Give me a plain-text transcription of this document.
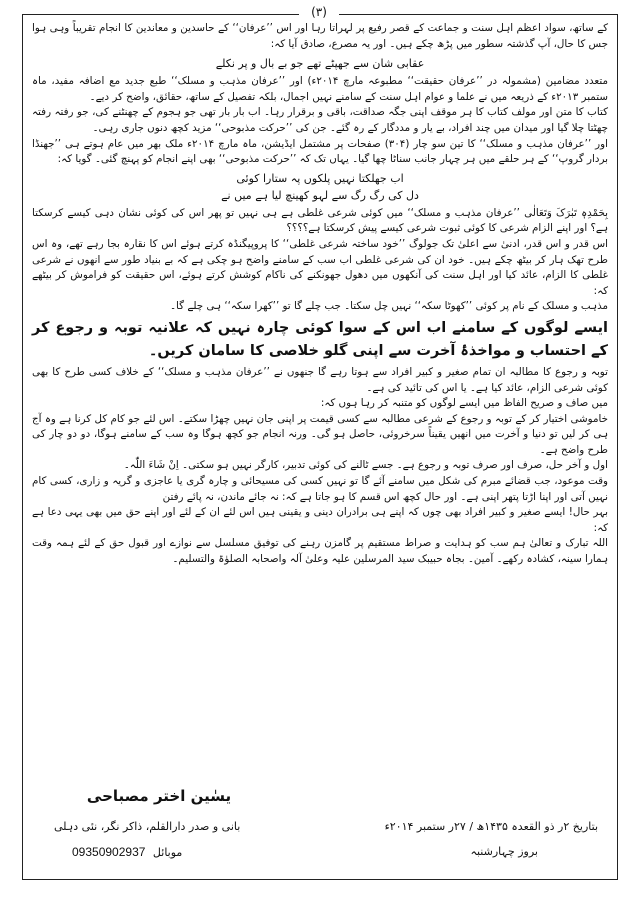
(۳)

کے ساتھ، سواد اعظم اہل سنت و جماعت کے قصر رفیع پر لہراتا رہا اور اس ’’عرفان‘‘ کے حاسدین و معاندین کا انجام تقریباً وہی ہوا جس کا حال، آپ گذشتہ سطور میں پڑھ چکے ہیں۔ اور یہ مصرع، صادق آیا کہ:

عقابی شان سے جھپٹے تھے جو بے بال و پر نکلے

متعدد مضامین (مشمولہ در ’’عرفان حقیقت‘‘ مطبوعہ مارچ ۲۰۱۴ء) اور ’’عرفان مذہب و مسلک‘‘ طبع جدید مع اضافہ مفید، ماہ ستمبر ۲۰۱۳ء کے ذریعہ میں نے علما و عوام اہل سنت کے سامنے نہیں اجمال، بلکہ تفصیل کے ساتھ، حقائق، واضح کر دیے۔

کتاب کا متن اور مولف کتاب کا ہر موقف اپنی جگہ صداقت، باقی و برقرار رہا۔ اب بار بار تھی جو ہجوم کے چھنٹنے کی، جو رفتہ رفتہ چھٹتا چلا گیا اور میدان میں چند افراد، بے یار و مددگار کے رہ گئے۔ جن کی ’’حرکت مذبوحی‘‘ مزید کچھ دنوں جاری رہی۔

اور ’’عرفان مذہب و مسلک‘‘ کا تین سو چار (۳۰۴) صفحات پر مشتمل ایڈیشن، ماہ مارچ ۲۰۱۴ء ملک بھر میں عام ہوتے ہی ’’جھنڈا بردار گروپ‘‘ کے ہر حلقے میں ہر چہار جانب سناٹا چھا گیا۔ یہاں تک کہ ’’حرکت مذبوحی‘‘ بھی اپنے انجام کو پہنچ گئی۔ گویا کہ:

اب جھلکتا نہیں پلکوں پہ ستارا کوئی

دل کی رگ رگ سے لہو کھینچ لیا ہے میں نے

بِحَمْدِہٖ تَبٰرَکَ وَتَعَالٰی ’’عرفان مذہب و مسلک‘‘ میں کوئی شرعی غلطی ہے ہی نہیں تو پھر اس کی کوئی نشان دہی کیسے کرسکتا ہے؟ اور اپنے الزام شرعی کا کوئی ثبوت شرعی کیسے پیش کرسکتا ہے؟؟؟؟

اس قدر و اس قدر، ادنیٰ سے اعلیٰ تک جولوگ ’’خود ساختہ شرعی غلطی‘‘ کا پروپیگنڈہ کرتے ہوئے اس کا نقارہ بجا رہے تھے، وہ اس طرح تھک ہار کر بیٹھ چکے ہیں۔ خود ان کی شرعی غلطی اب سب کے سامنے واضح ہو چکی ہے کہ بے بنیاد طور سے انھوں نے شرعی غلطی کا الزام، عائد کیا اور اہل سنت کی آنکھوں میں دھول جھونکنے کی ناکام کوشش کرتے ہوئے، اس حقیقت کو فراموش کر بیٹھے کہ:

مذہب و مسلک کے نام پر کوئی ’’کھوٹا سکہ‘‘ نہیں چل سکتا۔ جب چلے گا تو ’’کھرا سکہ‘‘ ہی چلے گا۔

ایسے لوگوں کے سامنے اب اس کے سوا کوئی چارہ نہیں کہ علانیہ توبہ و رجوع کر کے احتساب و مواخذۂ آخرت سے اپنی گلو خلاصی کا سامان کریں۔

توبہ و رجوع کا مطالبہ ان تمام صغیر و کبیر افراد سے ہوتا رہے گا جنھوں نے ’’عرفان مذہب و مسلک‘‘ کے خلاف کسی طرح کا بھی کوئی شرعی الزام، عائد کیا ہے۔ یا اس کی تائید کی ہے۔

میں صاف و صریح الفاظ میں ایسے لوگوں کو متنبہ کر رہا ہوں کہ:

خاموشی اختیار کر کے توبہ و رجوع کے شرعی مطالبہ سے کسی قیمت پر اپنی جان نہیں چھڑا سکتے۔ اس لئے جو کام کل کرنا ہے وہ آج ہی کر لیں تو دنیا و آخرت میں انھیں یقیناً سرخروئی، حاصل ہو گی۔ ورنہ انجام جو کچھ ہوگا وہ سب کے سامنے ہوگا، دو دو چار کی طرح واضح ہے۔

اول و آخر حل، صرف اور صرف توبہ و رجوع ہے۔ جسے ٹالنے کی کوئی تدبیر، کارگر نہیں ہو سکتی۔ اِنْ شَاءَ اللّٰہ۔

وقت موعود، جب قضائے مبرم کی شکل میں سامنے آئے گا تو نہیں کسی کی مسیحائی و چارہ گری یا عاجزی و گریہ و زاری، کسی کام نہیں آتی اور اپنا اڑتا پتھر اپنی ہے۔ اور حال کچھ اس قسم کا ہو جاتا ہے کہ: نہ جائے ماندن، نہ پائے رفتن

بہر حال! ایسے صغیر و کبیر افراد بھی چوں کہ اپنے ہی برادران دینی و یقینی ہیں اس لئے ان کے لئے اور اپنے حق میں بھی یہی دعا ہے کہ:

اللہ تبارک و تعالیٰ ہم سب کو ہدایت و صراط مستقیم پر گامزن رہنے کی توفیق مسلسل سے نوازے اور قبول حق کے لئے ہمہ وقت ہمارا سینہ، کشادہ رکھے۔ آمین۔ بجاہ حبیبک سید المرسلین علیہ وعلیٰ آلہ واصحابہ الصلوٰۃ والتسلیم۔

یسٰین اختر مصباحی
بتاریخ ۲ر ذو القعدہ ۱۴۳۵ھ / ۲۷ر ستمبر ۲۰۱۴ء
بانی و صدر دارالقلم، ذاکر نگر، نئی دہلی
بروز چہارشنبہ
09350902937 موبائل
